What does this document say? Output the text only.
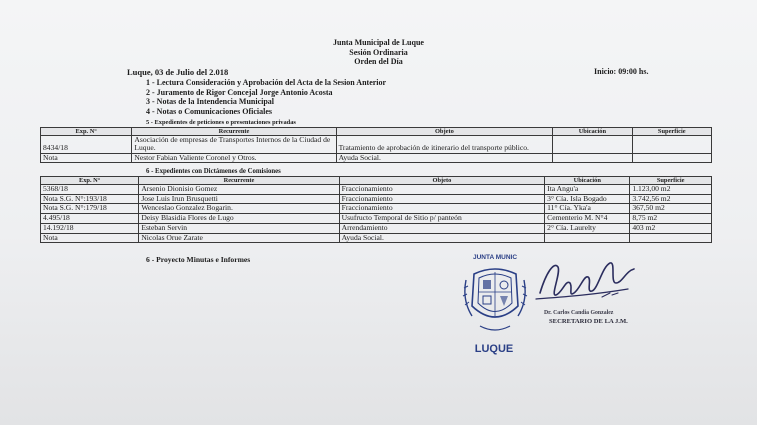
Junta Municipal de Luque
Sesión Ordinaria
Orden del Día
Luque, 03 de Julio del 2.018	Inicio: 09:00 hs.
1 - Lectura Consideración y Aprobación del Acta de la Sesion Anterior
2 - Juramento de Rigor Concejal Jorge Antonio Acosta
3 - Notas de la Intendencia Municipal
4 - Notas o Comunicaciones Oficiales
5 - Expedientes de peticiones o presentaciones privadas
Exp. N°	Recurrente	Objeto	Ubicación	Superficie
8434/18	Asociación de empresas de Transportes Internos de la Ciudad de Luque.	Tratamiento de aprobación de itinerario del transporte público.		
Nota	Nestor Fabian Valiente Coronel y Otros.	Ayuda Social.		
6 - Expedientes con Dictámenes de Comisiones
Exp. N°	Recurrente	Objeto	Ubicación	Superficie
5368/18	Arsenio Dionisio Gomez	Fraccionamiento	Ita Angu'a	1.123,00 m2
Nota S.G. N°:193/18	Jose Luis Irun Brusquetti	Fraccionamiento	3° Cía. Isla Bogado	3.742,56 m2
Nota S.G. N°:179/18	Wenceslao Gonzalez Bogarin.	Fraccionamiento	11° Cía. Yka'a	367,50 m2
4.495/18	Deisy Blasidia Flores de Lugo	Usufructo Temporal de Sitio p/ panteón	Cementerio M. N°4	8,75 m2
14.192/18	Esteban Servin	Arrendamiento	2° Cía. Laurelty	403 m2
Nota	Nicolas Orue Zarate	Ayuda Social.		
6 - Proyecto Minutas e Informes	JUNTA MUNIC
LUQUE
Dr. Carlos Candia Gonzalez
SECRETARIO DE LA J.M.
